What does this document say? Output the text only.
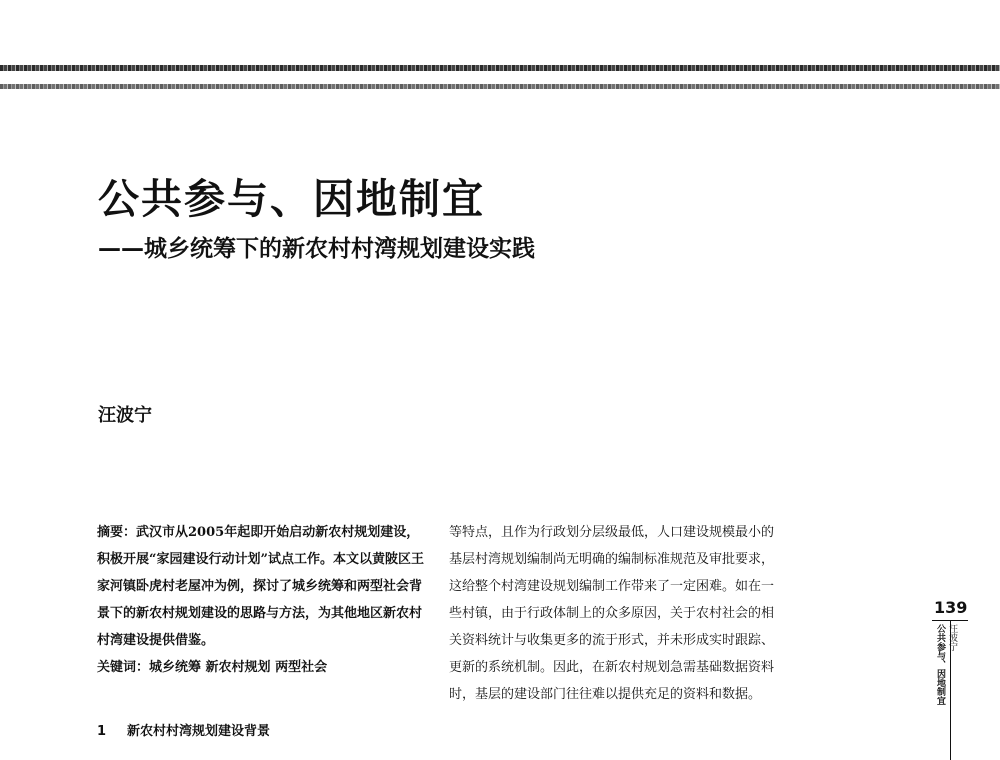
公共参与、因地制宜
——城乡统筹下的新农村村湾规划建设实践
汪波宁

摘要：武汉市从2005年起即开始启动新农村规划建设，积极开展“家园建设行动计划”试点工作。本文以黄陂区王家河镇卧虎村老屋冲为例，探讨了城乡统筹和两型社会背景下的新农村规划建设的思路与方法，为其他地区新农村村湾建设提供借鉴。

关键词：城乡统筹 新农村规划 两型社会

1 新农村村湾规划建设背景

等特点，且作为行政划分层级最低，人口建设规模最小的基层村湾规划编制尚无明确的编制标准规范及审批要求，这给整个村湾建设规划编制工作带来了一定困难。如在一些村镇，由于行政体制上的众多原因，关于农村社会的相关资料统计与收集更多的流于形式，并未形成实时跟踪、更新的系统机制。因此，在新农村规划急需基础数据资料时，基层的建设部门往往难以提供充足的资料和数据。

139
汪波宁
公共参与、因地制宜
